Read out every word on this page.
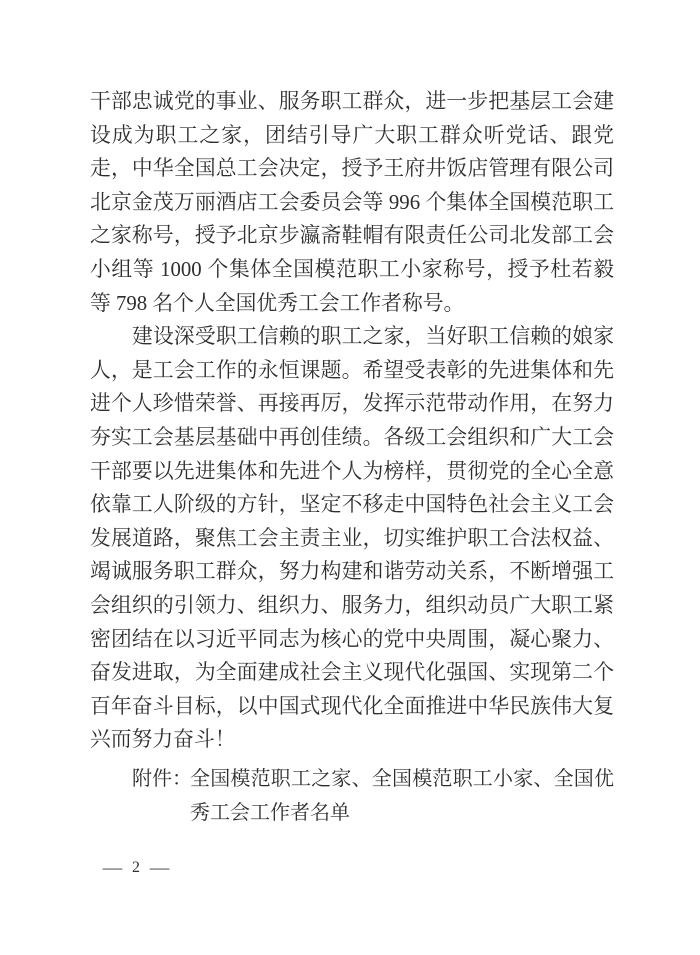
干部忠诚党的事业、服务职工群众，进一步把基层工会建设成为职工之家，团结引导广大职工群众听党话、跟党走，中华全国总工会决定，授予王府井饭店管理有限公司北京金茂万丽酒店工会委员会等 996 个集体全国模范职工之家称号，授予北京步瀛斋鞋帽有限责任公司北发部工会小组等 1000 个集体全国模范职工小家称号，授予杜若毅等 798 名个人全国优秀工会工作者称号。

建设深受职工信赖的职工之家，当好职工信赖的娘家人，是工会工作的永恒课题。希望受表彰的先进集体和先进个人珍惜荣誉、再接再厉，发挥示范带动作用，在努力夯实工会基层基础中再创佳绩。各级工会组织和广大工会干部要以先进集体和先进个人为榜样，贯彻党的全心全意依靠工人阶级的方针，坚定不移走中国特色社会主义工会发展道路，聚焦工会主责主业，切实维护职工合法权益、竭诚服务职工群众，努力构建和谐劳动关系，不断增强工会组织的引领力、组织力、服务力，组织动员广大职工紧密团结在以习近平同志为核心的党中央周围，凝心聚力、奋发进取，为全面建成社会主义现代化强国、实现第二个百年奋斗目标，以中国式现代化全面推进中华民族伟大复兴而努力奋斗！

附件：
全国模范职工之家、全国模范职工小家、全国优秀工会工作者名单
— 2 —
